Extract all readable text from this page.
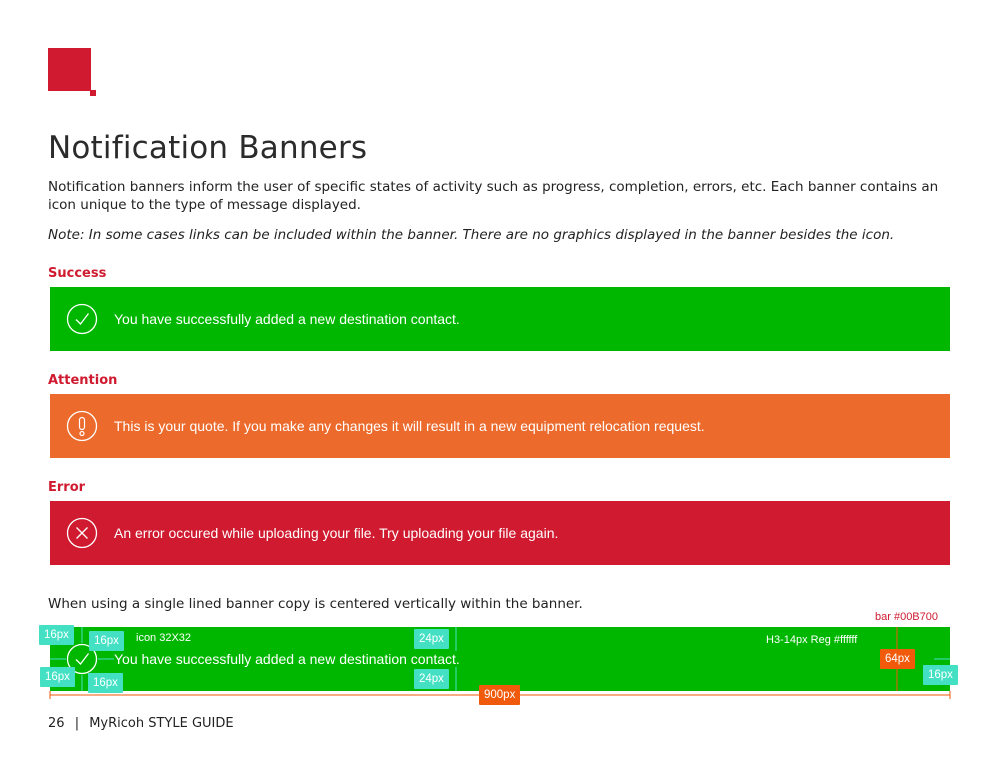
Notification Banners

Notification banners inform the user of specific states of activity such as progress, completion, errors, etc. Each banner contains an icon unique to the type of message displayed.

Note: In some cases links can be included within the banner. There are no graphics displayed in the banner besides the icon.

Success
You have successfully added a new destination contact.
Attention
This is your quote. If you make any changes it will result in a new equipment relocation request.
Error
An error occured while uploading your file. Try uploading your file again.

When using a single lined banner copy is centered vertically within the banner.

bar #00B700
You have successfully added a new destination contact.
16px	16px	icon 32X32	24px	H3-14px Reg #ffffff
64px
16px	16px	24px	16px
900px
26 | MyRicoh STYLE GUIDE
